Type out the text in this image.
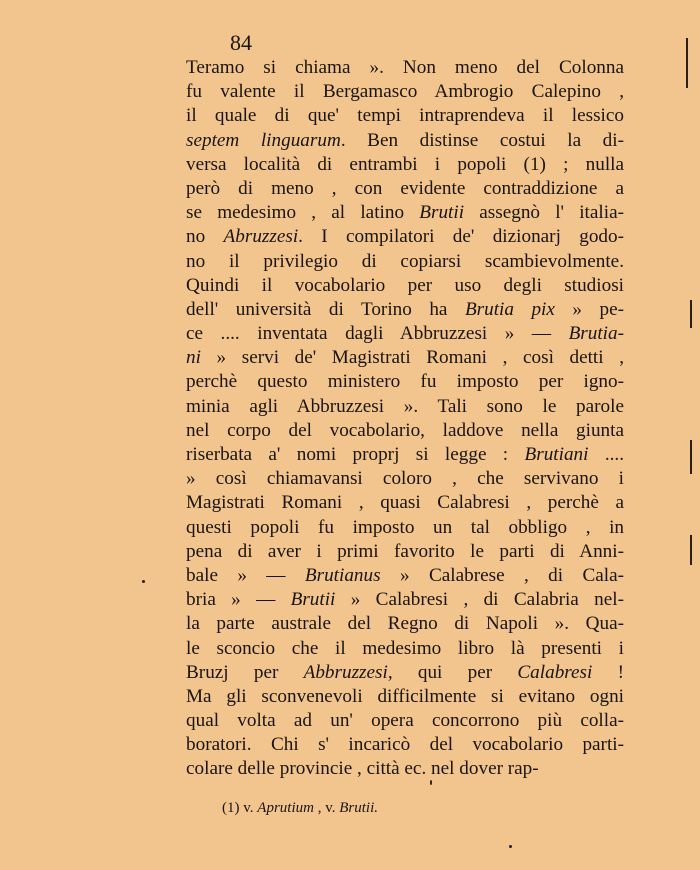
84
Teramo si chiama ». Non meno del Colonna
fu valente il Bergamasco Ambrogio Calepino ,
il quale di que' tempi intraprendeva il lessico
septem linguarum. Ben distinse costui la di-
versa località di entrambi i popoli (1) ; nulla
però di meno , con evidente contraddizione a
se medesimo , al latino Brutii assegnò l' italia-
no Abruzzesi. I compilatori de' dizionarj godo-
no il privilegio di copiarsi scambievolmente.
Quindi il vocabolario per uso degli studiosi
dell' università di Torino ha Brutia pix » pe-
ce .... inventata dagli Abbruzzesi » — Brutia-
ni » servi de' Magistrati Romani , così detti ,
perchè questo ministero fu imposto per igno-
minia agli Abbruzzesi ». Tali sono le parole
nel corpo del vocabolario, laddove nella giunta
riserbata a' nomi proprj si legge : Brutiani ....
» così chiamavansi coloro , che servivano i
Magistrati Romani , quasi Calabresi , perchè a
questi popoli fu imposto un tal obbligo , in
pena di aver i primi favorito le parti di Anni-
bale » — Brutianus » Calabrese , di Cala-
bria » — Brutii » Calabresi , di Calabria nel-
la parte australe del Regno di Napoli ». Qua-
le sconcio che il medesimo libro là presenti i
Bruzj per Abbruzzesi, qui per Calabresi !
Ma gli sconvenevoli difficilmente si evitano ogni
qual volta ad un' opera concorrono più colla-
boratori. Chi s' incaricò del vocabolario parti-
colare delle provincie , città ec. nel dover rap-
(1) v. Aprutium , v. Brutii.
